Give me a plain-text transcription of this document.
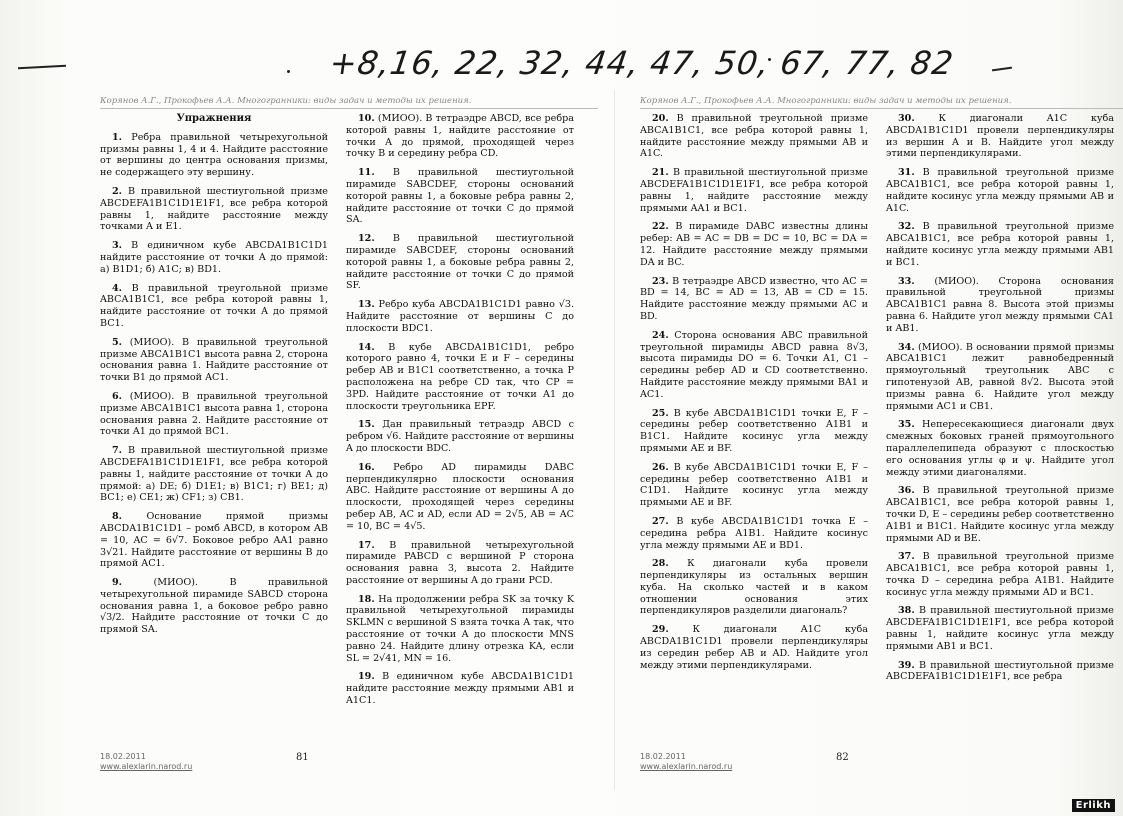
+8,16, 22, 32, 44, 47, 50, 67, 77, 82
Корянов А.Г., Прокофьев А.А. Многогранники: виды задач и методы их решения.

Упражнения

1. Ребра правильной четырехугольной призмы равны 1, 4 и 4. Найдите расстояние от вершины до центра основания призмы, не содержащего эту вершину.

2. В правильной шестиугольной призме ABCDEFA1B1C1D1E1F1, все ребра которой равны 1, найдите расстояние между точками A и E1.

3. В единичном кубе ABCDA1B1C1D1 найдите расстояние от точки A до прямой: а) B1D1; б) A1C; в) BD1.

4. В правильной треугольной призме ABCA1B1C1, все ребра которой равны 1, найдите расстояние от точки A до прямой BC1.

5. (МИОО). В правильной треугольной призме ABCA1B1C1 высота равна 2, сторона основания равна 1. Найдите расстояние от точки B1 до прямой AC1.

6. (МИОО). В правильной треугольной призме ABCA1B1C1 высота равна 1, сторона основания равна 2. Найдите расстояние от точки A1 до прямой BC1.

7. В правильной шестиугольной призме ABCDEFA1B1C1D1E1F1, все ребра которой равны 1, найдите расстояние от точки A до прямой: а) DE; б) D1E1; в) B1C1; г) BE1; д) BC1; е) CE1; ж) CF1; з) CB1.

8.	Основание прямой призмы ABCDA1B1C1D1 – ромб ABCD, в котором AB = 10, AC = 6√7. Боковое ребро AA1 равно 3√21. Найдите расстояние от вершины B до прямой AC1.

9.	(МИОО). В правильной четырехугольной пирамиде SABCD сторона основания равна 1, а боковое ребро равно √3/2. Найдите расстояние от точки C до прямой SA.

10. (МИОО). В тетраэдре ABCD, все ребра которой равны 1, найдите расстояние от точки A до прямой, проходящей через точку B и середину ребра CD.

11. В правильной шестиугольной пирамиде SABCDEF, стороны оснований которой равны 1, а боковые ребра равны 2, найдите расстояние от точки C до прямой SA.

12. В правильной шестиугольной пирамиде SABCDEF, стороны оснований которой равны 1, а боковые ребра равны 2, найдите расстояние от точки C до прямой SF.

13. Ребро куба ABCDA1B1C1D1 равно √3. Найдите расстояние от вершины C до плоскости BDC1.

14. В кубе ABCDA1B1C1D1, ребро которого равно 4, точки E и F – середины ребер AB и B1C1 соответственно, а точка P расположена на ребре CD так, что CP = 3PD. Найдите расстояние от точки A1 до плоскости треугольника EPF.

15. Дан правильный тетраэдр ABCD с ребром √6. Найдите расстояние от вершины A до плоскости BDC.

16. Ребро AD пирамиды DABC перпендикулярно плоскости основания ABC. Найдите расстояние от вершины A до плоскости, проходящей через середины ребер AB, AC и AD, если AD = 2√5, AB = AC = 10, BC = 4√5.

17. В правильной четырехугольной пирамиде PABCD с вершиной P сторона основания равна 3, высота 2. Найдите расстояние от вершины A до грани PCD.

18. На продолжении ребра SK за точку K правильной четырехугольной пирамиды SKLMN с вершиной S взята точка A так, что расстояние от точки A до плоскости MNS равно 24. Найдите длину отрезка KA, если SL = 2√41, MN = 16.

19. В единичном кубе ABCDA1B1C1D1 найдите расстояние между прямыми AB1 и A1C1.

18.02.2011
www.alexlarin.narod.ru
81
Корянов А.Г., Прокофьев А.А. Многогранники: виды задач и методы их решения.

20. В правильной треугольной призме ABCA1B1C1, все ребра которой равны 1, найдите расстояние между прямыми AB и A1C.

21. В правильной шестиугольной призме ABCDEFA1B1C1D1E1F1, все ребра которой равны 1, найдите расстояние между прямыми AA1 и BC1.

22. В пирамиде DABC известны длины ребер: AB = AC = DB = DC = 10, BC = DA = 12. Найдите расстояние между прямыми DA и BC.

23. В тетраэдре ABCD известно, что AC = BD = 14, BC = AD = 13, AB = CD = 15. Найдите расстояние между прямыми AC и BD.

24. Сторона основания ABC правильной треугольной пирамиды ABCD равна 8√3, высота пирамиды DO = 6. Точки A1, C1 – середины ребер AD и CD соответственно. Найдите расстояние между прямыми BA1 и AC1.

25. В кубе ABCDA1B1C1D1 точки E, F – середины ребер соответственно A1B1 и B1C1. Найдите косинус угла между прямыми AE и BF.

26. В кубе ABCDA1B1C1D1 точки E, F – середины ребер соответственно A1B1 и C1D1. Найдите косинус угла между прямыми AE и BF.

27. В кубе ABCDA1B1C1D1 точка E – середина ребра A1B1. Найдите косинус угла между прямыми AE и BD1.

28. К диагонали куба провели перпендикуляры из остальных вершин куба. На сколько частей и в каком отношении основания этих перпендикуляров разделили диагональ?

29. К диагонали A1C куба ABCDA1B1C1D1 провели перпендикуляры из середин ребер AB и AD. Найдите угол между этими перпендикулярами.

30. К диагонали A1C куба ABCDA1B1C1D1 провели перпендикуляры из вершин A и B. Найдите угол между этими перпендикулярами.

31. В правильной треугольной призме ABCA1B1C1, все ребра которой равны 1, найдите косинус угла между прямыми AB и A1C.

32. В правильной треугольной призме ABCA1B1C1, все ребра которой равны 1, найдите косинус угла между прямыми AB1 и BC1.

33. (МИОО). Сторона основания правильной треугольной призмы ABCA1B1C1 равна 8. Высота этой призмы равна 6. Найдите угол между прямыми CA1 и AB1.

34. (МИОО). В основании прямой призмы ABCA1B1C1 лежит равнобедренный прямоугольный треугольник ABC с гипотенузой AB, равной 8√2. Высота этой призмы равна 6. Найдите угол между прямыми AC1 и CB1.

35. Непересекающиеся диагонали двух смежных боковых граней прямоугольного параллелепипеда образуют с плоскостью его основания углы φ и ψ. Найдите угол между этими диагоналями.

36. В правильной треугольной призме ABCA1B1C1, все ребра которой равны 1, точки D, E – середины ребер соответственно A1B1 и B1C1. Найдите косинус угла между прямыми AD и BE.

37. В правильной треугольной призме ABCA1B1C1, все ребра которой равны 1, точка D – середина ребра A1B1. Найдите косинус угла между прямыми AD и BC1.

38. В правильной шестиугольной призме ABCDEFA1B1C1D1E1F1, все ребра которой равны 1, найдите косинус угла между прямыми AB1 и BC1.

39. В правильной шестиугольной призме ABCDEFA1B1C1D1E1F1, все ребра

18.02.2011
www.alexlarin.narod.ru
82
Erlikh
